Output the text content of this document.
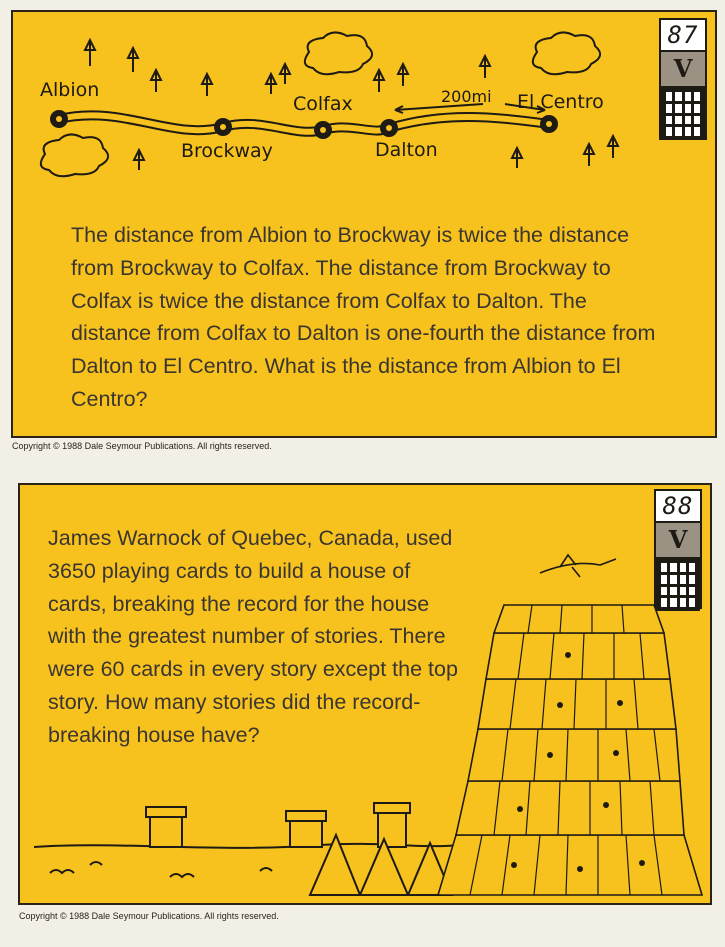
Albion
Brockway
Colfax
Dalton
El Centro
200mi
87
V

The distance from Albion to Brockway is twice the distance from Brockway to Colfax. The distance from Brockway to Colfax is twice the distance from Colfax to Dalton. The distance from Colfax to Dalton is one-fourth the distance from Dalton to El Centro. What is the distance from Albion to El Centro?

Copyright © 1988 Dale Seymour Publications. All rights reserved.
88
V

James Warnock of Quebec, Canada, used 3650 playing cards to build a house of cards, breaking the record for the house with the greatest number of stories. There were 60 cards in every story except the top story. How many stories did the record-breaking house have?

Copyright © 1988 Dale Seymour Publications. All rights reserved.
